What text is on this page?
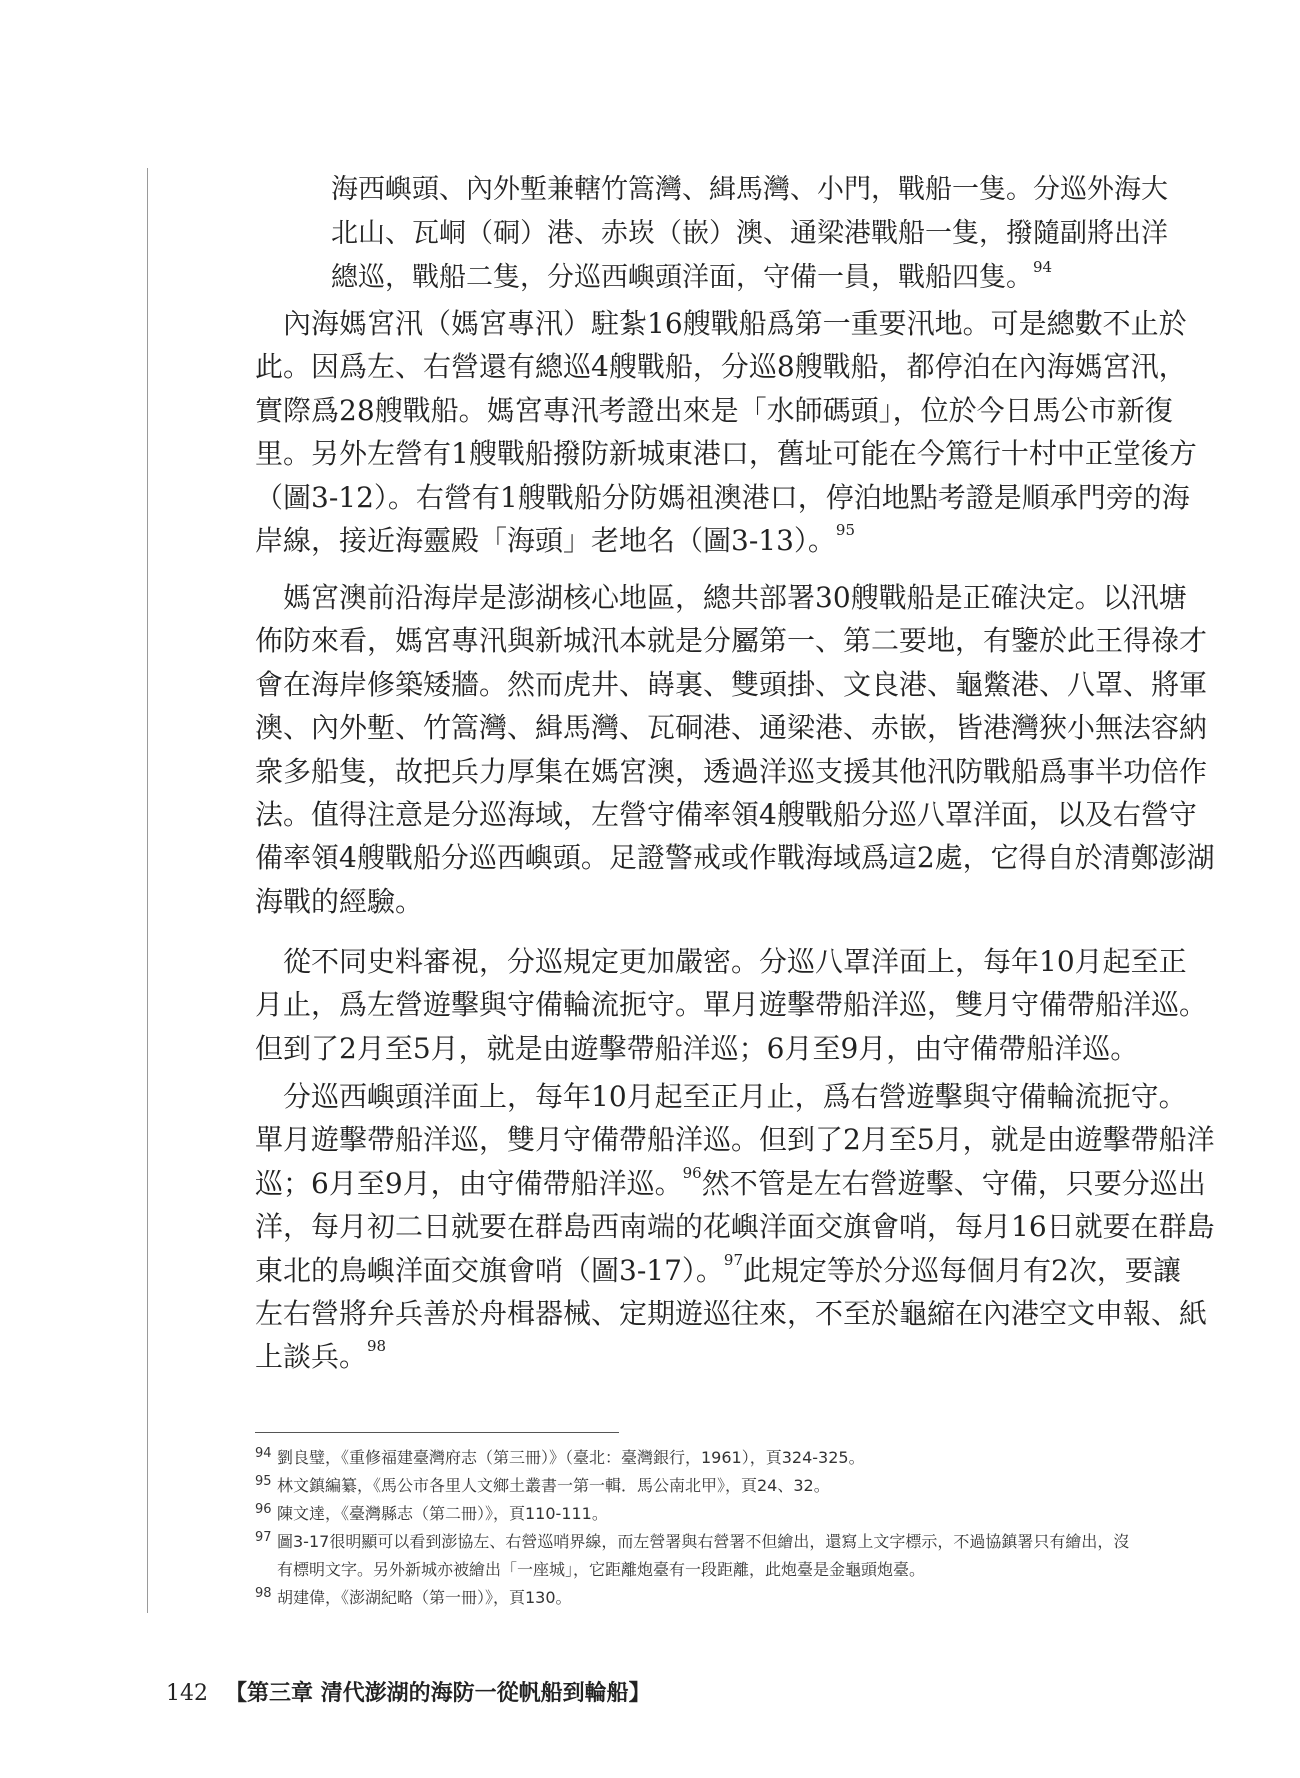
海西嶼頭、內外塹兼轄竹篙灣、緝馬灣、小門，戰船一隻。分巡外海大
北山、瓦峒（硐）港、赤崁（嵌）澳、通梁港戰船一隻，撥隨副將出洋
總巡，戰船二隻，分巡西嶼頭洋面，守備一員，戰船四隻。$^{94}$
　內海媽宮汛（媽宮專汛）駐紮16艘戰船爲第一重要汛地。可是總數不止於
此。因爲左、右營還有總巡4艘戰船，分巡8艘戰船，都停泊在內海媽宮汛，
實際爲28艘戰船。媽宮專汛考證出來是「水師碼頭」，位於今日馬公市新復
里。另外左營有1艘戰船撥防新城東港口，舊址可能在今篤行十村中正堂後方
（圖3-12）。右營有1艘戰船分防媽祖澳港口，停泊地點考證是順承門旁的海
岸線，接近海靈殿「海頭」老地名（圖3-13）。$^{95}$
　媽宮澳前沿海岸是澎湖核心地區，總共部署30艘戰船是正確決定。以汛塘
佈防來看，媽宮專汛與新城汛本就是分屬第一、第二要地，有鑒於此王得祿才
會在海岸修築矮牆。然而虎井、嵵裏、雙頭掛、文良港、龜鱉港、八罩、將軍
澳、內外塹、竹篙灣、緝馬灣、瓦硐港、通梁港、赤嵌，皆港灣狹小無法容納
衆多船隻，故把兵力厚集在媽宮澳，透過洋巡支援其他汛防戰船爲事半功倍作
法。值得注意是分巡海域，左營守備率領4艘戰船分巡八罩洋面，以及右營守
備率領4艘戰船分巡西嶼頭。足證警戒或作戰海域爲這2處，它得自於清鄭澎湖
海戰的經驗。
　從不同史料審視，分巡規定更加嚴密。分巡八罩洋面上，每年10月起至正
月止，爲左營遊擊與守備輪流扼守。單月遊擊帶船洋巡，雙月守備帶船洋巡。
但到了2月至5月，就是由遊擊帶船洋巡；6月至9月，由守備帶船洋巡。
　分巡西嶼頭洋面上，每年10月起至正月止，爲右營遊擊與守備輪流扼守。
單月遊擊帶船洋巡，雙月守備帶船洋巡。但到了2月至5月，就是由遊擊帶船洋
巡；6月至9月，由守備帶船洋巡。$^{96}$然不管是左右營遊擊、守備，只要分巡出
洋，每月初二日就要在群島西南端的花嶼洋面交旗會哨，每月16日就要在群島
東北的鳥嶼洋面交旗會哨（圖3-17）。$^{97}$此規定等於分巡每個月有2次，要讓
左右營將弁兵善於舟楫器械、定期遊巡往來，不至於龜縮在內港空文申報、紙
上談兵。$^{98}$
94 劉良璧，《重修福建臺灣府志（第三冊）》（臺北：臺灣銀行，1961），頁324-325。
95 林文鎮編纂，《馬公市各里人文鄉土叢書一第一輯．馬公南北甲》，頁24、32。
96 陳文達，《臺灣縣志（第二冊）》，頁110-111。
97 圖3-17很明顯可以看到澎協左、右營巡哨界線，而左營署與右營署不但繪出，還寫上文字標示，不過協鎮署只有繪出，沒有標明文字。另外新城亦被繪出「一座城」，它距離炮臺有一段距離，此炮臺是金龜頭炮臺。
98 胡建偉，《澎湖紀略（第一冊）》，頁130。
142 【第三章 清代澎湖的海防一從帆船到輪船】
